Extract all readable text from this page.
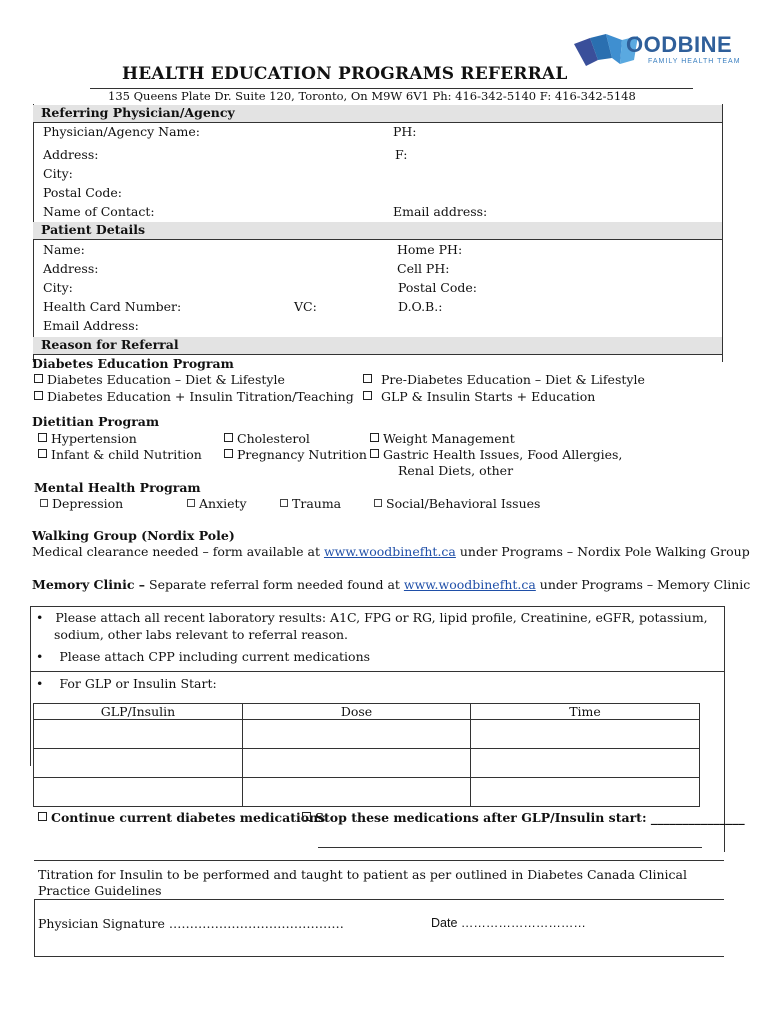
OODBINE
FAMILY HEALTH TEAM
HEALTH EDUCATION PROGRAMS REFERRAL
135 Queens Plate Dr. Suite 120, Toronto, On M9W 6V1 Ph: 416-342-5140 F: 416-342-5148
Referring Physician/Agency
Physician/Agency Name:	PH:
Address:	F:
City:
Postal Code:
Name of Contact:	Email address:
Patient Details
Name:	Home PH:
Address:	Cell PH:
City:	Postal Code:
Health Card Number:	VC:	D.O.B.:
Email Address:
Reason for Referral
Diabetes Education Program
Diabetes Education – Diet & Lifestyle	Pre-Diabetes Education – Diet & Lifestyle
Diabetes Education + Insulin Titration/Teaching	GLP & Insulin Starts + Education
Dietitian Program
Hypertension	Cholesterol	Weight Management
Infant & child Nutrition	Pregnancy Nutrition	Gastric Health Issues, Food Allergies,
Renal Diets, other
Mental Health Program
Depression	Anxiety	Trauma	Social/Behavioral Issues
Walking Group (Nordix Pole)
Medical clearance needed – form available at www.woodbinefht.ca under Programs – Nordix Pole Walking Group
Memory Clinic – Separate referral form needed found at www.woodbinefht.ca under Programs – Memory Clinic
• Please attach all recent laboratory results: A1C, FPG or RG, lipid profile, Creatinine, eGFR, potassium,
sodium, other labs relevant to referral reason.
• Please attach CPP including current medications
• For GLP or Insulin Start:
GLP/Insulin	Dose	Time

Continue current diabetes medications
Stop these medications after GLP/Insulin start: _______________
Titration for Insulin to be performed and taught to patient as per outlined in Diabetes Canada Clinical
Practice Guidelines
Physician Signature ……………………………………	Date …………………………
